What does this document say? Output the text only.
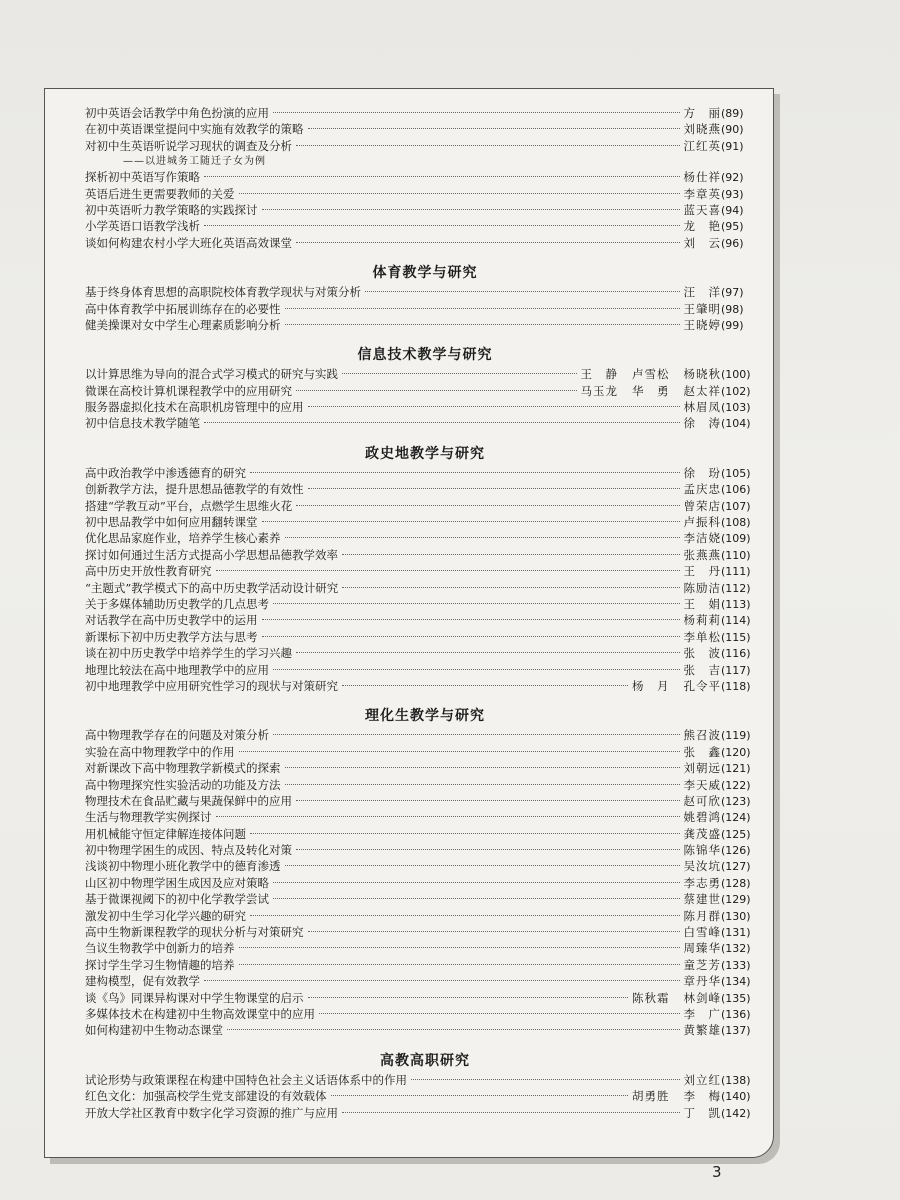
初中英语会话教学中角色扮演的应用	方　丽 (89)
在初中英语课堂提问中实施有效教学的策略	刘晓燕 (90)
对初中生英语听说学习现状的调查及分析	江红英 (91)
——以进城务工随迁子女为例
探析初中英语写作策略	杨仕祥 (92)
英语后进生更需要教师的关爱	李章英 (93)
初中英语听力教学策略的实践探讨	蓝天喜 (94)
小学英语口语教学浅析	龙　艳 (95)
谈如何构建农村小学大班化英语高效课堂	刘　云 (96)
体育教学与研究
基于终身体育思想的高职院校体育教学现状与对策分析	汪　洋 (97)
高中体育教学中拓展训练存在的必要性	王肇明 (98)
健美操课对女中学生心理素质影响分析	王晓婷 (99)
信息技术教学与研究
以计算思维为导向的混合式学习模式的研究与实践	王　静 卢雪松 杨晓秋 (100)
微课在高校计算机课程教学中的应用研究	马玉龙 华　勇 赵太祥 (102)
服务器虚拟化技术在高职机房管理中的应用	林眉凤 (103)
初中信息技术教学随笔	徐　涛 (104)
政史地教学与研究
高中政治教学中渗透德育的研究	徐　玢 (105)
创新教学方法，提升思想品德教学的有效性	孟庆忠 (106)
搭建“学教互动”平台，点燃学生思维火花	曾荣店 (107)
初中思品教学中如何应用翻转课堂	卢振科 (108)
优化思品家庭作业，培养学生核心素养	李洁娆 (109)
探讨如何通过生活方式提高小学思想品德教学效率	张燕燕 (110)
高中历史开放性教育研究	王　丹 (111)
“主题式”教学模式下的高中历史教学活动设计研究	陈励洁 (112)
关于多媒体辅助历史教学的几点思考	王　娟 (113)
对话教学在高中历史教学中的运用	杨莉莉 (114)
新课标下初中历史教学方法与思考	李单松 (115)
谈在初中历史教学中培养学生的学习兴趣	张　波 (116)
地理比较法在高中地理教学中的应用	张　吉 (117)
初中地理教学中应用研究性学习的现状与对策研究	杨　月 孔令平 (118)
理化生教学与研究
高中物理教学存在的问题及对策分析	熊召波 (119)
实验在高中物理教学中的作用	张　鑫 (120)
对新课改下高中物理教学新模式的探索	刘朝远 (121)
高中物理探究性实验活动的功能及方法	李天威 (122)
物理技术在食品贮藏与果蔬保鲜中的应用	赵可欣 (123)
生活与物理教学实例探讨	姚碧鸿 (124)
用机械能守恒定律解连接体问题	龚茂盛 (125)
初中物理学困生的成因、特点及转化对策	陈锦华 (126)
浅谈初中物理小班化教学中的德育渗透	吴汝坑 (127)
山区初中物理学困生成因及应对策略	李志勇 (128)
基于微课视阈下的初中化学教学尝试	蔡建世 (129)
激发初中生学习化学兴趣的研究	陈月群 (130)
高中生物新课程教学的现状分析与对策研究	白雪峰 (131)
刍议生物教学中创新力的培养	周臻华 (132)
探讨学生学习生物情趣的培养	童芝芳 (133)
建构模型，促有效教学	章丹华 (134)
谈《鸟》同课异构课对中学生物课堂的启示	陈秋霜 林剑峰 (135)
多媒体技术在构建初中生物高效课堂中的应用	李　广 (136)
如何构建初中生物动态课堂	黄繁雄 (137)
高教高职研究
试论形势与政策课程在构建中国特色社会主义话语体系中的作用	刘立红 (138)
红色文化：加强高校学生党支部建设的有效载体	胡勇胜 李　梅 (140)
开放大学社区教育中数字化学习资源的推广与应用	丁　凯 (142)
3
